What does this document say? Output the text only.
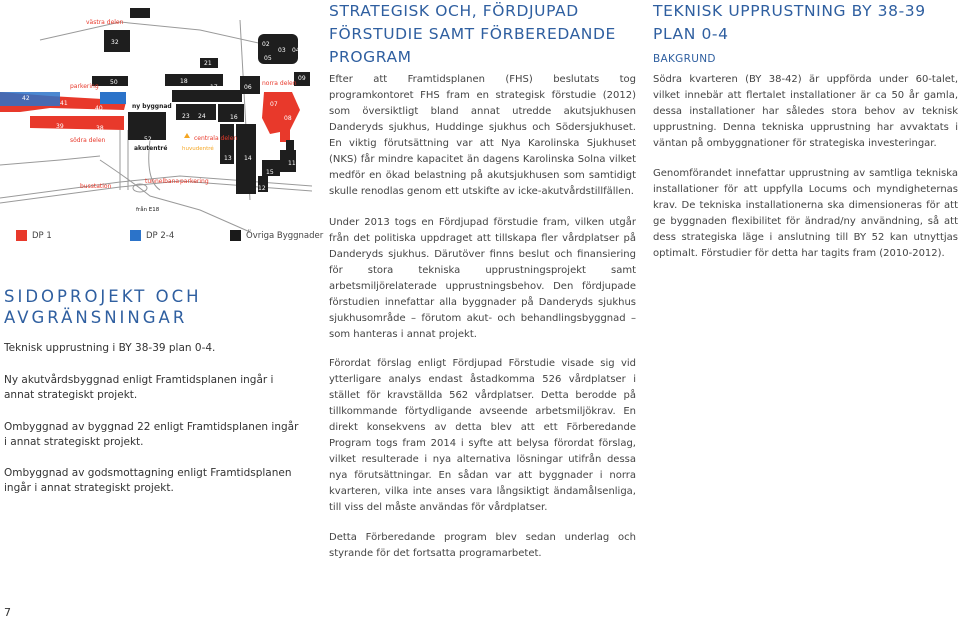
32
50
40
41
42
39	38
52
18
17
21
23 24
22 25 26
16
13 14
06
07
08
09
10
11
15
02
03 04
05
01
12
västra delen
parkering
södra delen	centrala delen
norra delen
parkering
tunnelbana
busstation
ny byggnad
akutentré
från E18
huvudentré
DP 1	DP 2-4	Övriga Byggnader
SIDOPROJEKT OCH
AVGRÄNSNINGAR
Teknisk upprustning i BY 38-39 plan 0-4.
Ny akutvårdsbyggnad enligt Framtidsplanen ingår i annat strategiskt projekt.
Ombyggnad av byggnad 22 enligt Framtidsplanen ingår i annat strategiskt projekt.
Ombyggnad av godsmottagning enligt Framtidsplanen ingår i annat strategiskt projekt.
STRATEGISK OCH, FÖRDJUPAD
FÖRSTUDIE SAMT FÖRBEREDANDE
PROGRAM
Efter att Framtidsplanen (FHS) beslutats tog programkontoret FHS fram en strategisk förstudie (2012) som översiktligt bland annat utredde akutsjukhusen Danderyds sjukhus, Huddinge sjukhus och Södersjukhuset. En viktig förutsättning var att Nya Karolinska Sjukhuset (NKS) får mindre kapacitet än dagens Karolinska Solna vilket medför en ökad belastning på akutsjukhusen som samtidigt skulle renodlas genom ett utskifte av icke-akutvårdstillfällen.
Under 2013 togs en Fördjupad förstudie fram, vilken utgår från det politiska uppdraget att tillskapa fler vårdplatser på Danderyds sjukhus. Därutöver finns beslut och finansiering för stora tekniska upprustningsprojekt samt arbetsmiljörelaterade upprustningsbehov. Den fördjupade förstudien innefattar alla byggnader på Danderyds sjukhus sjukhusområde – förutom akut- och behandlingsbyggnad – som hanteras i annat projekt.
Förordat förslag enligt Fördjupad Förstudie visade sig vid ytterligare analys endast åstadkomma 526 vårdplatser i stället för kravställda 562 vårdplatser. Detta berodde på tillkommande förtydligande avseende arbetsmiljökrav. En direkt konsekvens av detta blev att ett Förberedande Program togs fram 2014 i syfte att belysa förordat förslag, vilket resulterade i nya alternativa lösningar utifrån dessa nya förutsättningar. En sådan var att byggnader i norra kvarteren, vilka inte anses vara långsiktigt ändamålsenliga, till viss del måste användas för vårdplatser.
Detta Förberedande program blev sedan underlag och styrande för det fortsatta programarbetet.
TEKNISK UPPRUSTNING BY 38-39
PLAN 0-4
BAKGRUND
Södra kvarteren (BY 38-42) är uppförda under 60-talet, vilket innebär att flertalet installationer är ca 50 år gamla, dessa installationer har således stora behov av teknisk upprustning. Denna tekniska upprustning har avvaktats i väntan på ombyggnationer för strategiska investeringar.
Genomförandet innefattar upprustning av samtliga tekniska installationer för att uppfylla Locums och myndigheternas krav. De tekniska installationerna ska dimensioneras för att ge byggnaden flexibilitet för ändrad/ny användning, så att dess strategiska läge i anslutning till BY 52 kan utnyttjas optimalt. Förstudier för detta har tagits fram (2010-2012).
7
